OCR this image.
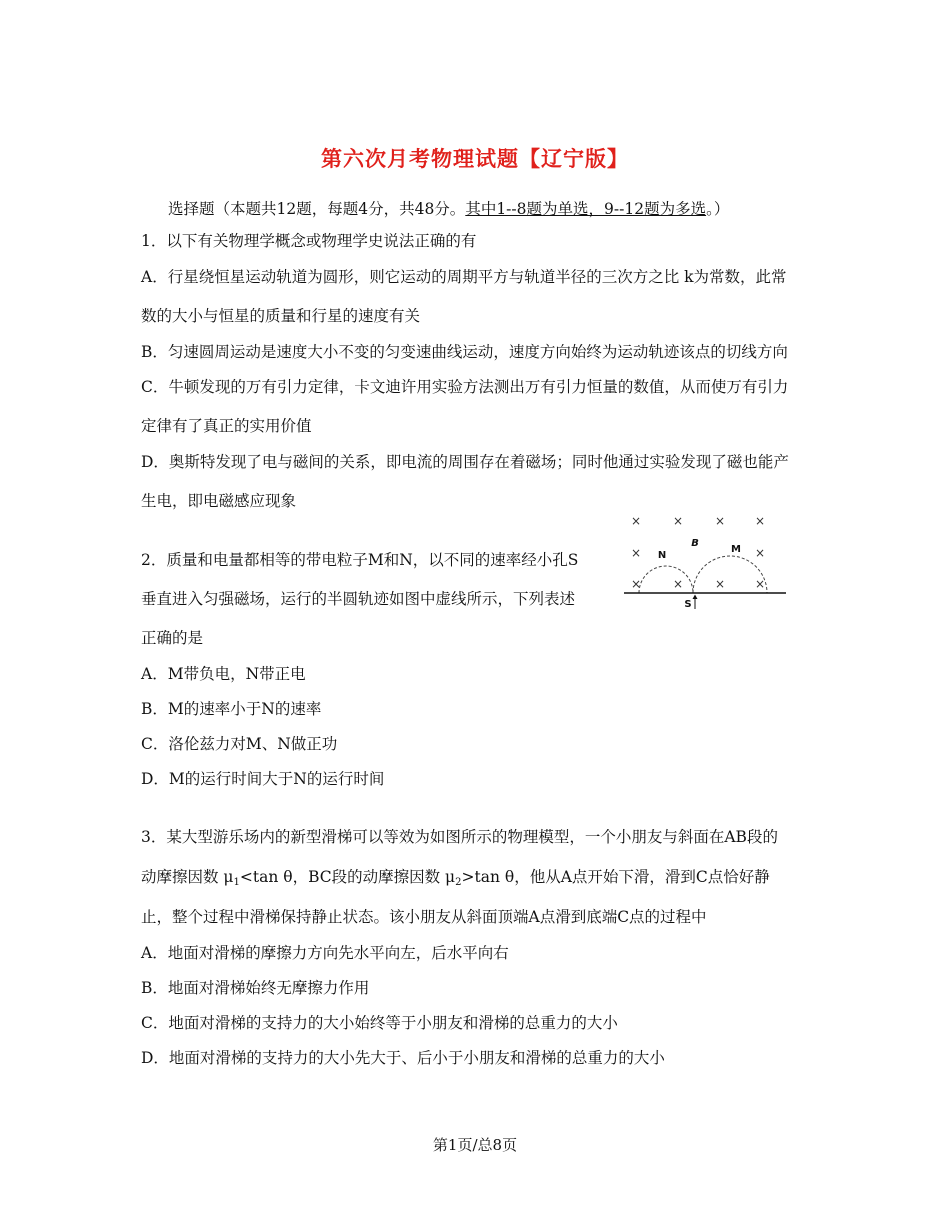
第六次月考物理试题【辽宁版】
选择题（本题共12题，每题4分，共48分。其中1--8题为单选，9--12题为多选。）
1．以下有关物理学概念或物理学史说法正确的有
A．行星绕恒星运动轨道为圆形，则它运动的周期平方与轨道半径的三次方之比 k为常数，此常
数的大小与恒星的质量和行星的速度有关
B．匀速圆周运动是速度大小不变的匀变速曲线运动，速度方向始终为运动轨迹该点的切线方向
C．牛顿发现的万有引力定律，卡文迪许用实验方法测出万有引力恒量的数值，从而使万有引力
定律有了真正的实用价值
D．奥斯特发现了电与磁间的关系，即电流的周围存在着磁场；同时他通过实验发现了磁也能产
生电，即电磁感应现象
2．质量和电量都相等的带电粒子M和N，以不同的速率经小孔S
垂直进入匀强磁场，运行的半圆轨迹如图中虚线所示，下列表述
正确的是
A．M带负电，N带正电
B．M的速率小于N的速率
C．洛伦兹力对M、N做正功
D．M的运行时间大于N的运行时间
×	×	× ×
×	×
×	×	× ×
B
N
M
S
3．某大型游乐场内的新型滑梯可以等效为如图所示的物理模型，一个小朋友与斜面在AB段的
动摩擦因数 $\mu_1<\tan$ θ，BC段的动摩擦因数 $\mu_2>\tan$ θ，他从A点开始下滑，滑到C点恰好静
止，整个过程中滑梯保持静止状态。该小朋友从斜面顶端A点滑到底端C点的过程中
A．地面对滑梯的摩擦力方向先水平向左，后水平向右
B．地面对滑梯始终无摩擦力作用
C．地面对滑梯的支持力的大小始终等于小朋友和滑梯的总重力的大小
D．地面对滑梯的支持力的大小先大于、后小于小朋友和滑梯的总重力的大小
第1页/总8页
